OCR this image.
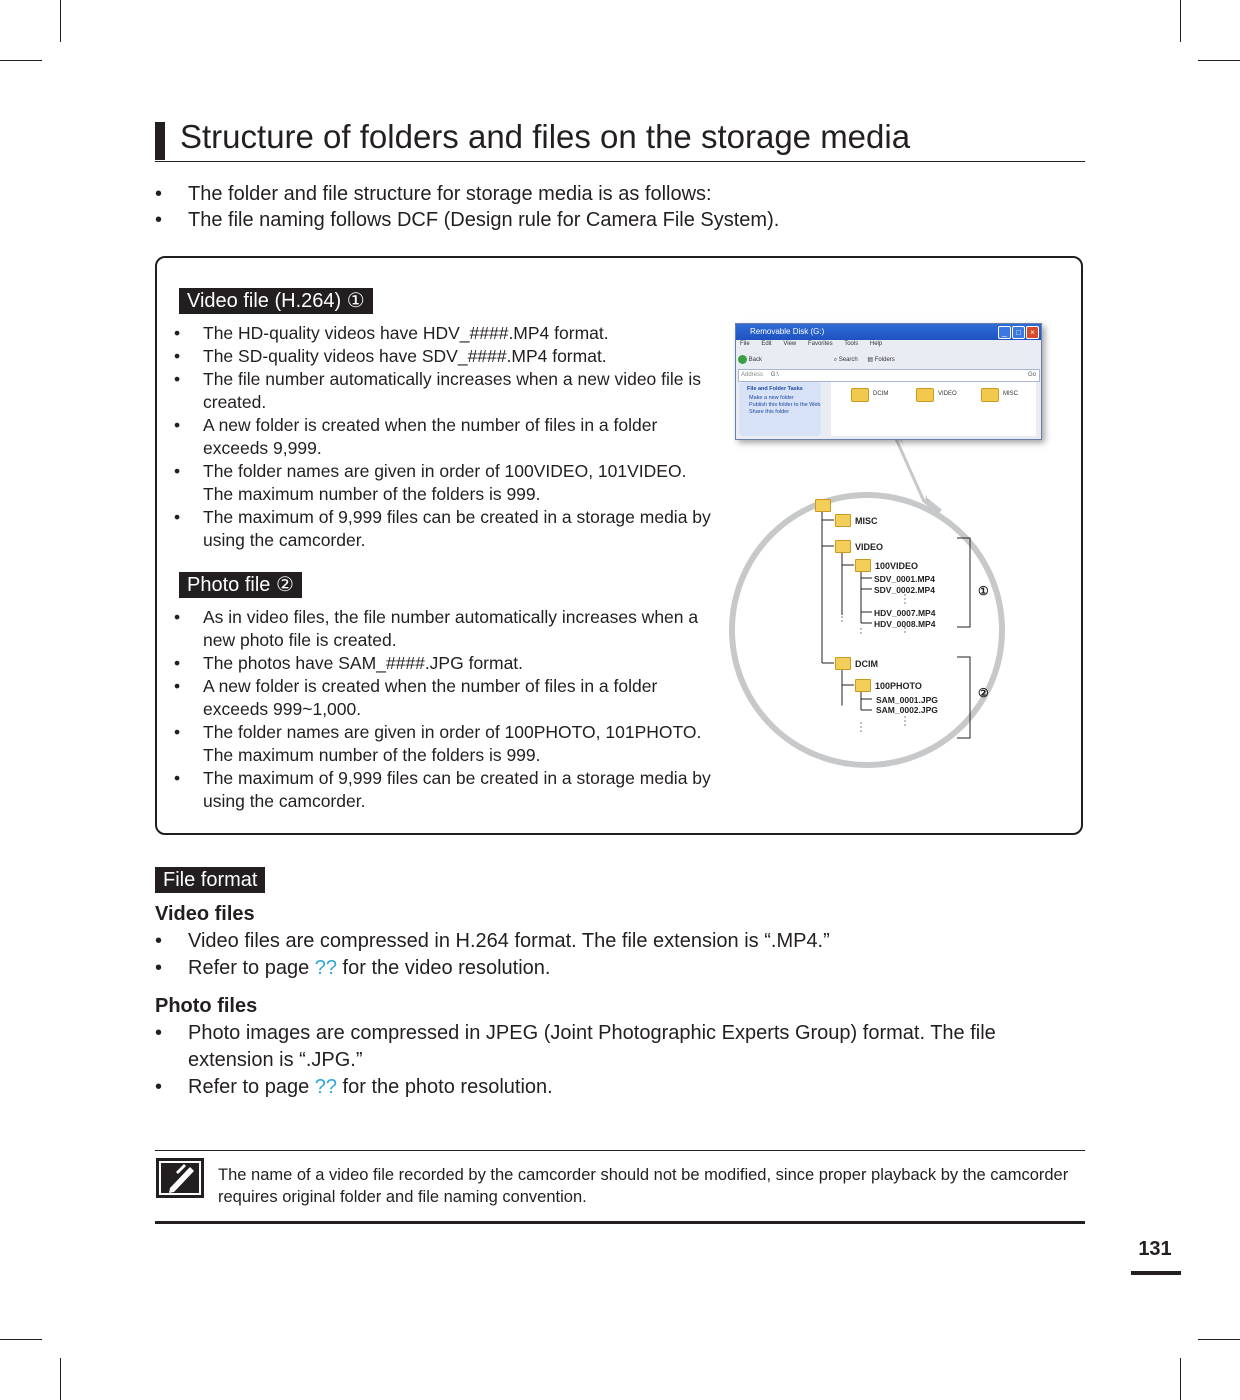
Structure of folders and files on the storage media
• The folder and file structure for storage media is as follows:
• The file naming follows DCF (Design rule for Camera File System).
Video file (H.264) ①
• The HD-quality videos have HDV_####.MP4 format.
• The SD-quality videos have SDV_####.MP4 format.
• The file number automatically increases when a new video file is created.
• A new folder is created when the number of files in a folder exceeds 9,999.
• The folder names are given in order of 100VIDEO, 101VIDEO. The maximum number of the folders is 999.
• The maximum of 9,999 files can be created in a storage media by using the camcorder.
Photo file ②
• As in video files, the file number automatically increases when a new photo file is created.
• The photos have SAM_####.JPG format.
• A new folder is created when the number of files in a folder exceeds 999~1,000.
• The folder names are given in order of 100PHOTO, 101PHOTO. The maximum number of the folders is 999.
• The maximum of 9,999 files can be created in a storage media by using the camcorder.
Removable Disk (G:)	_	□	×
File Edit View Favorites Tools Help
Back	⌕ Search ▤ Folders
Address G:\	Go
File and Folder Tasks
Make a new folder
Publish this folder to the Web
Share this folder
DCIM	VIDEO	MISC
MISC
VIDEO
100VIDEO
SDV_0001.MP4
SDV_0002.MP4
HDV_0007.MP4
HDV_0008.MP4
①
DCIM
100PHOTO
SAM_0001.JPG
SAM_0002.JPG
②
File format
Video files
• Video files are compressed in H.264 format. The file extension is “.MP4.”
• Refer to page ?? for the video resolution.
Photo files
• Photo images are compressed in JPEG (Joint Photographic Experts Group) format. The file extension is “.JPG.”
• Refer to page ?? for the photo resolution.
The name of a video file recorded by the camcorder should not be modified, since proper playback by the camcorder requires original folder and file naming convention.
131
